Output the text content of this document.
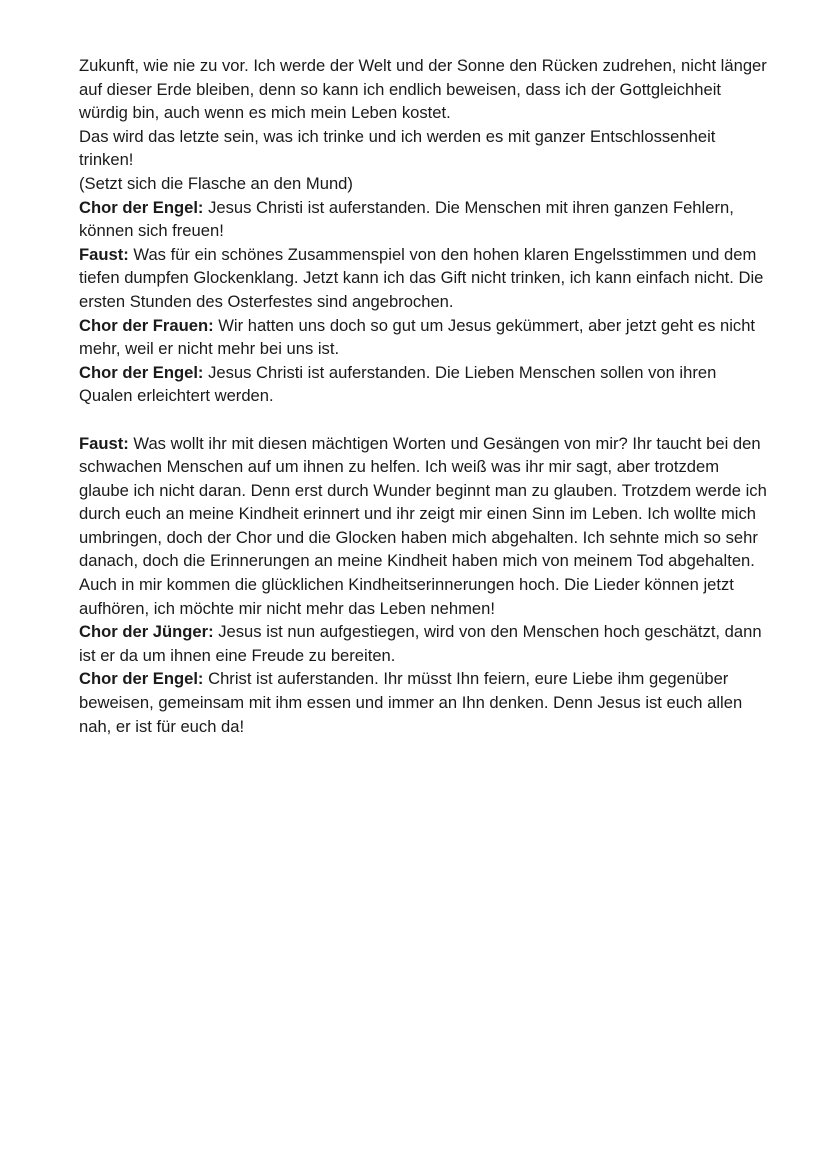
Zukunft, wie nie zu vor. Ich werde der Welt und der Sonne den Rücken zudrehen, nicht länger auf dieser Erde bleiben, denn so kann ich endlich beweisen, dass ich der Gottgleichheit würdig bin, auch wenn es mich mein Leben kostet.

Das wird das letzte sein, was ich trinke und ich werden es mit ganzer Entschlossenheit trinken!

(Setzt sich die Flasche an den Mund)

Chor der Engel: Jesus Christi ist auferstanden. Die Menschen mit ihren ganzen Fehlern, können sich freuen!

Faust: Was für ein schönes Zusammenspiel von den hohen klaren Engelsstimmen und dem tiefen dumpfen Glockenklang. Jetzt kann ich das Gift nicht trinken, ich kann einfach nicht. Die ersten Stunden des Osterfestes sind angebrochen.

Chor der Frauen: Wir hatten uns doch so gut um Jesus gekümmert, aber jetzt geht es nicht mehr, weil er nicht mehr bei uns ist.

Chor der Engel: Jesus Christi ist auferstanden. Die Lieben Menschen sollen von ihren Qualen erleichtert werden.

Faust: Was wollt ihr mit diesen mächtigen Worten und Gesängen von mir? Ihr taucht bei den schwachen Menschen auf um ihnen zu helfen. Ich weiß was ihr mir sagt, aber trotzdem glaube ich nicht daran. Denn erst durch Wunder beginnt man zu glauben. Trotzdem werde ich durch euch an meine Kindheit erinnert und ihr zeigt mir einen Sinn im Leben. Ich wollte mich umbringen, doch der Chor und die Glocken haben mich abgehalten. Ich sehnte mich so sehr danach, doch die Erinnerungen an meine Kindheit haben mich von meinem Tod abgehalten. Auch in mir kommen die glücklichen Kindheitserinnerungen hoch. Die Lieder können jetzt aufhören, ich möchte mir nicht mehr das Leben nehmen!

Chor der Jünger: Jesus ist nun aufgestiegen, wird von den Menschen hoch geschätzt, dann ist er da um ihnen eine Freude zu bereiten.

Chor der Engel: Christ ist auferstanden. Ihr müsst Ihn feiern, eure Liebe ihm gegenüber beweisen, gemeinsam mit ihm essen und immer an Ihn denken. Denn Jesus ist euch allen nah, er ist für euch da!
